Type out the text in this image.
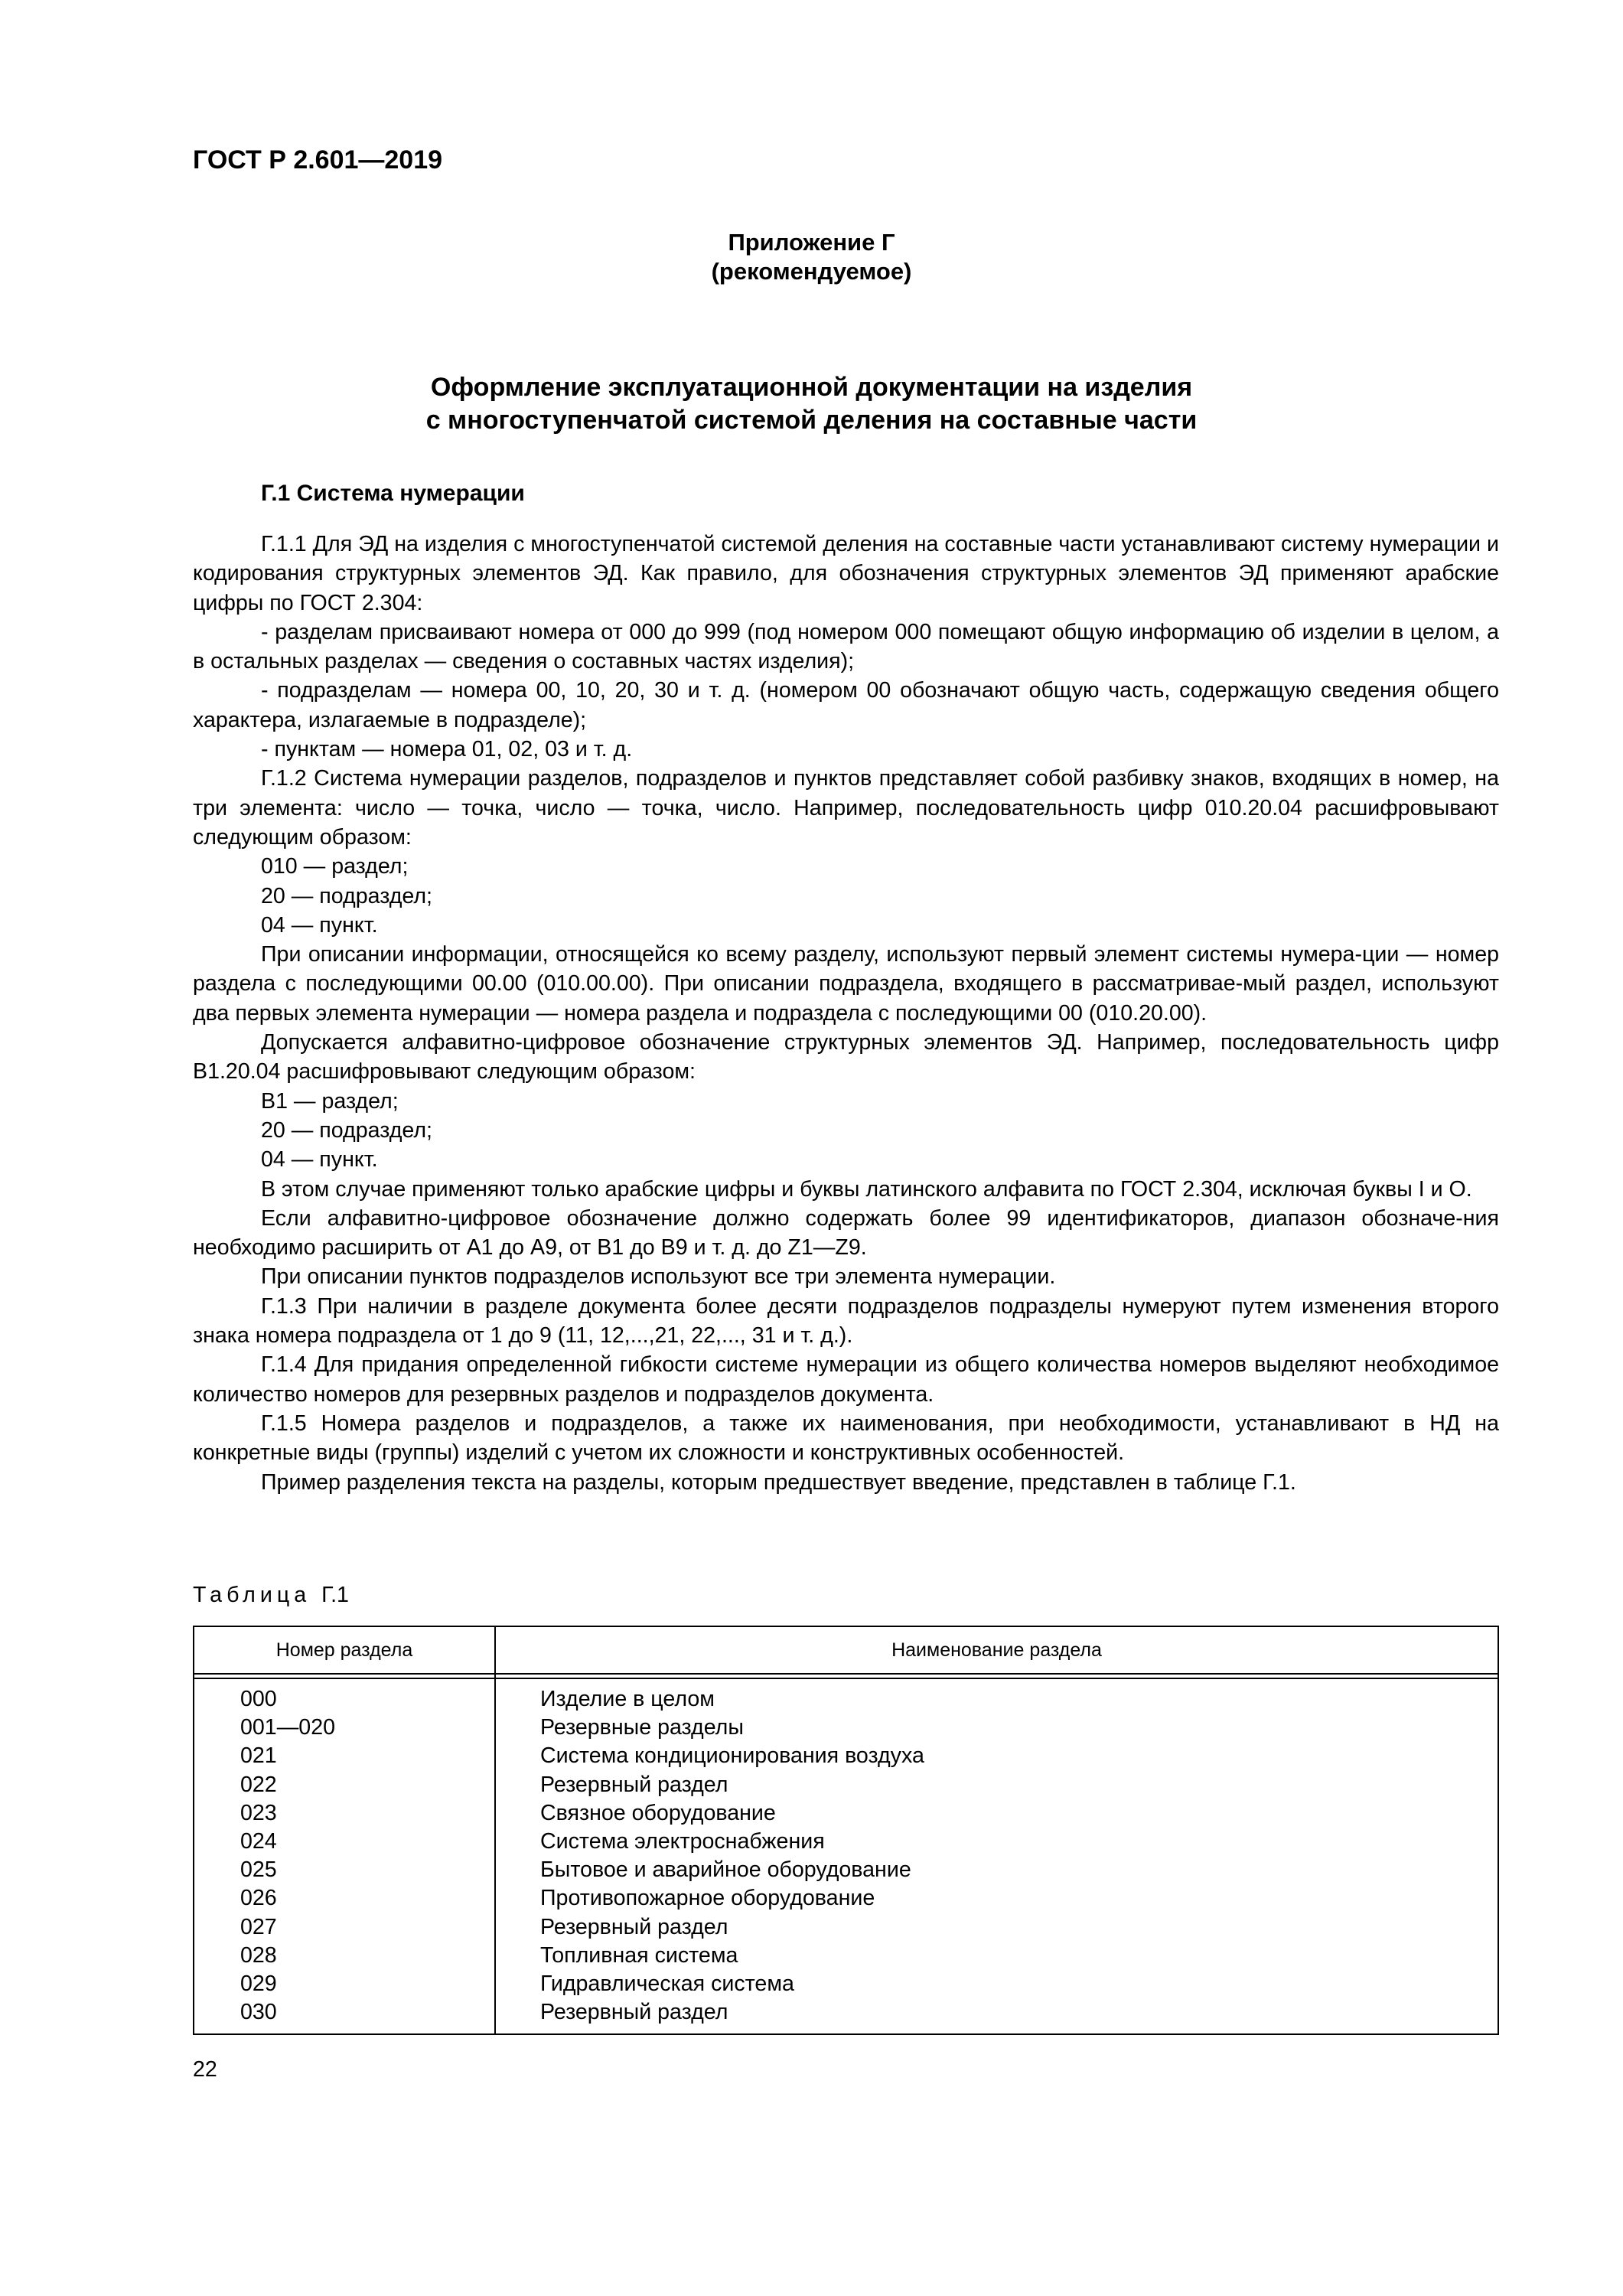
ГОСТ Р 2.601—2019
Приложение Г
(рекомендуемое)
Оформление эксплуатационной документации на изделия
с многоступенчатой системой деления на составные части
Г.1 Система нумерации

Г.1.1 Для ЭД на изделия с многоступенчатой системой деления на составные части устанавливают систему нумерации и кодирования структурных элементов ЭД. Как правило, для обозначения структурных элементов ЭД применяют арабские цифры по ГОСТ 2.304:

- разделам присваивают номера от 000 до 999 (под номером 000 помещают общую информацию об изделии в целом, а в остальных разделах — сведения о составных частях изделия);

- подразделам — номера 00, 10, 20, 30 и т. д. (номером 00 обозначают общую часть, содержащую сведения общего характера, излагаемые в подразделе);

- пунктам — номера 01, 02, 03 и т. д.

Г.1.2 Система нумерации разделов, подразделов и пунктов представляет собой разбивку знаков, входящих в номер, на три элемента: число — точка, число — точка, число. Например, последовательность цифр 010.20.04 расшифровывают следующим образом:

010 — раздел;

20 — подраздел;

04 — пункт.

При описании информации, относящейся ко всему разделу, используют первый элемент системы нумера-ции — номер раздела с последующими 00.00 (010.00.00). При описании подраздела, входящего в рассматривае-мый раздел, используют два первых элемента нумерации — номера раздела и подраздела с последующими 00 (010.20.00).

Допускается алфавитно-цифровое обозначение структурных элементов ЭД. Например, последовательность цифр В1.20.04 расшифровывают следующим образом:

В1 — раздел;

20 — подраздел;

04 — пункт.

В этом случае применяют только арабские цифры и буквы латинского алфавита по ГОСТ 2.304, исключая буквы I и О.

Если алфавитно-цифровое обозначение должно содержать более 99 идентификаторов, диапазон обозначе-ния необходимо расширить от А1 до А9, от В1 до В9 и т. д. до Z1—Z9.

При описании пунктов подразделов используют все три элемента нумерации.

Г.1.3 При наличии в разделе документа более десяти подразделов подразделы нумеруют путем изменения второго знака номера подраздела от 1 до 9 (11, 12,...,21, 22,..., 31 и т. д.).

Г.1.4 Для придания определенной гибкости системе нумерации из общего количества номеров выделяют необходимое количество номеров для резервных разделов и подразделов документа.

Г.1.5 Номера разделов и подразделов, а также их наименования, при необходимости, устанавливают в НД на конкретные виды (группы) изделий с учетом их сложности и конструктивных особенностей.

Пример разделения текста на разделы, которым предшествует введение, представлен в таблице Г.1.

Таблица Г.1
Номер раздела	Наименование раздела
000	Изделие в целом
001—020	Резервные разделы
021	Система кондиционирования воздуха
022	Резервный раздел
023	Связное оборудование
024	Система электроснабжения
025	Бытовое и аварийное оборудование
026	Противопожарное оборудование
027	Резервный раздел
028	Топливная система
029	Гидравлическая система
030	Резервный раздел
22
